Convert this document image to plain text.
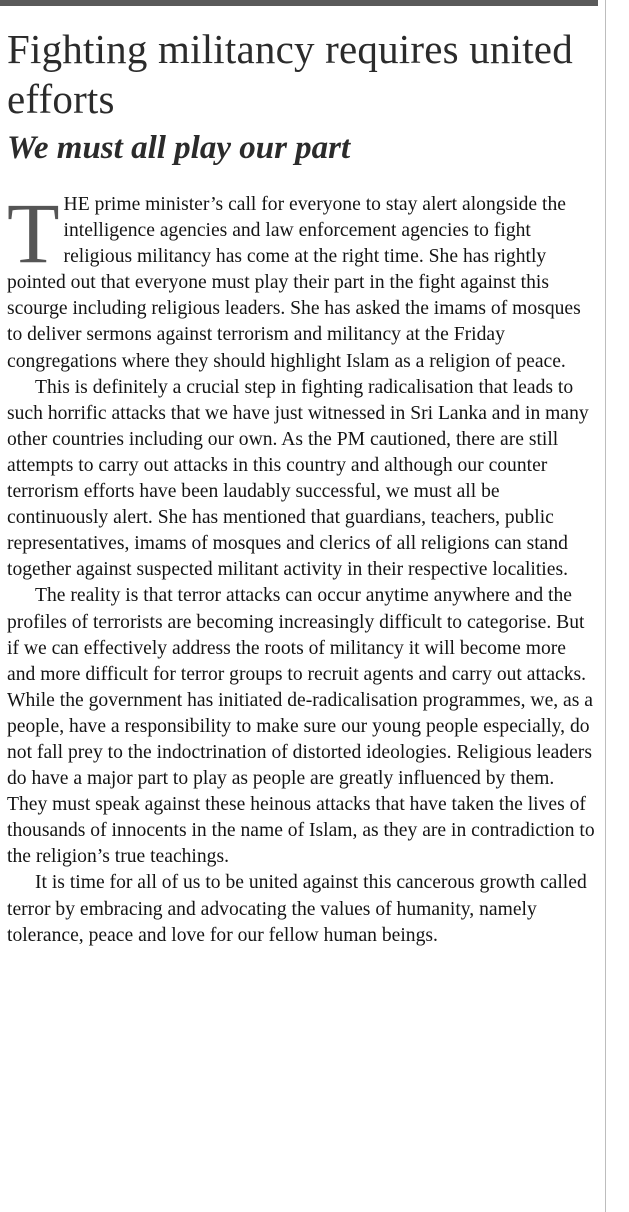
Fighting militancy requires united efforts
We must all play our part

THE prime minister’s call for everyone to stay alert alongside the intelligence agencies and law enforcement agencies to fight religious militancy has come at the right time. She has rightly pointed out that everyone must play their part in the fight against this scourge including religious leaders. She has asked the imams of mosques to deliver sermons against terrorism and militancy at the Friday congregations where they should highlight Islam as a religion of peace.

This is definitely a crucial step in fighting radicalisation that leads to such horrific attacks that we have just witnessed in Sri Lanka and in many other countries including our own. As the PM cautioned, there are still attempts to carry out attacks in this country and although our counter terrorism efforts have been laudably successful, we must all be continuously alert. She has mentioned that guardians, teachers, public representatives, imams of mosques and clerics of all religions can stand together against suspected militant activity in their respective localities.

The reality is that terror attacks can occur anytime anywhere and the profiles of terrorists are becoming increasingly difficult to categorise. But if we can effectively address the roots of militancy it will become more and more difficult for terror groups to recruit agents and carry out attacks. While the government has initiated de-radicalisation programmes, we, as a people, have a responsibility to make sure our young people especially, do not fall prey to the indoctrination of distorted ideologies. Religious leaders do have a major part to play as people are greatly influenced by them. They must speak against these heinous attacks that have taken the lives of thousands of innocents in the name of Islam, as they are in contradiction to the religion’s true teachings.

It is time for all of us to be united against this cancerous growth called terror by embracing and advocating the values of humanity, namely tolerance, peace and love for our fellow human beings.
